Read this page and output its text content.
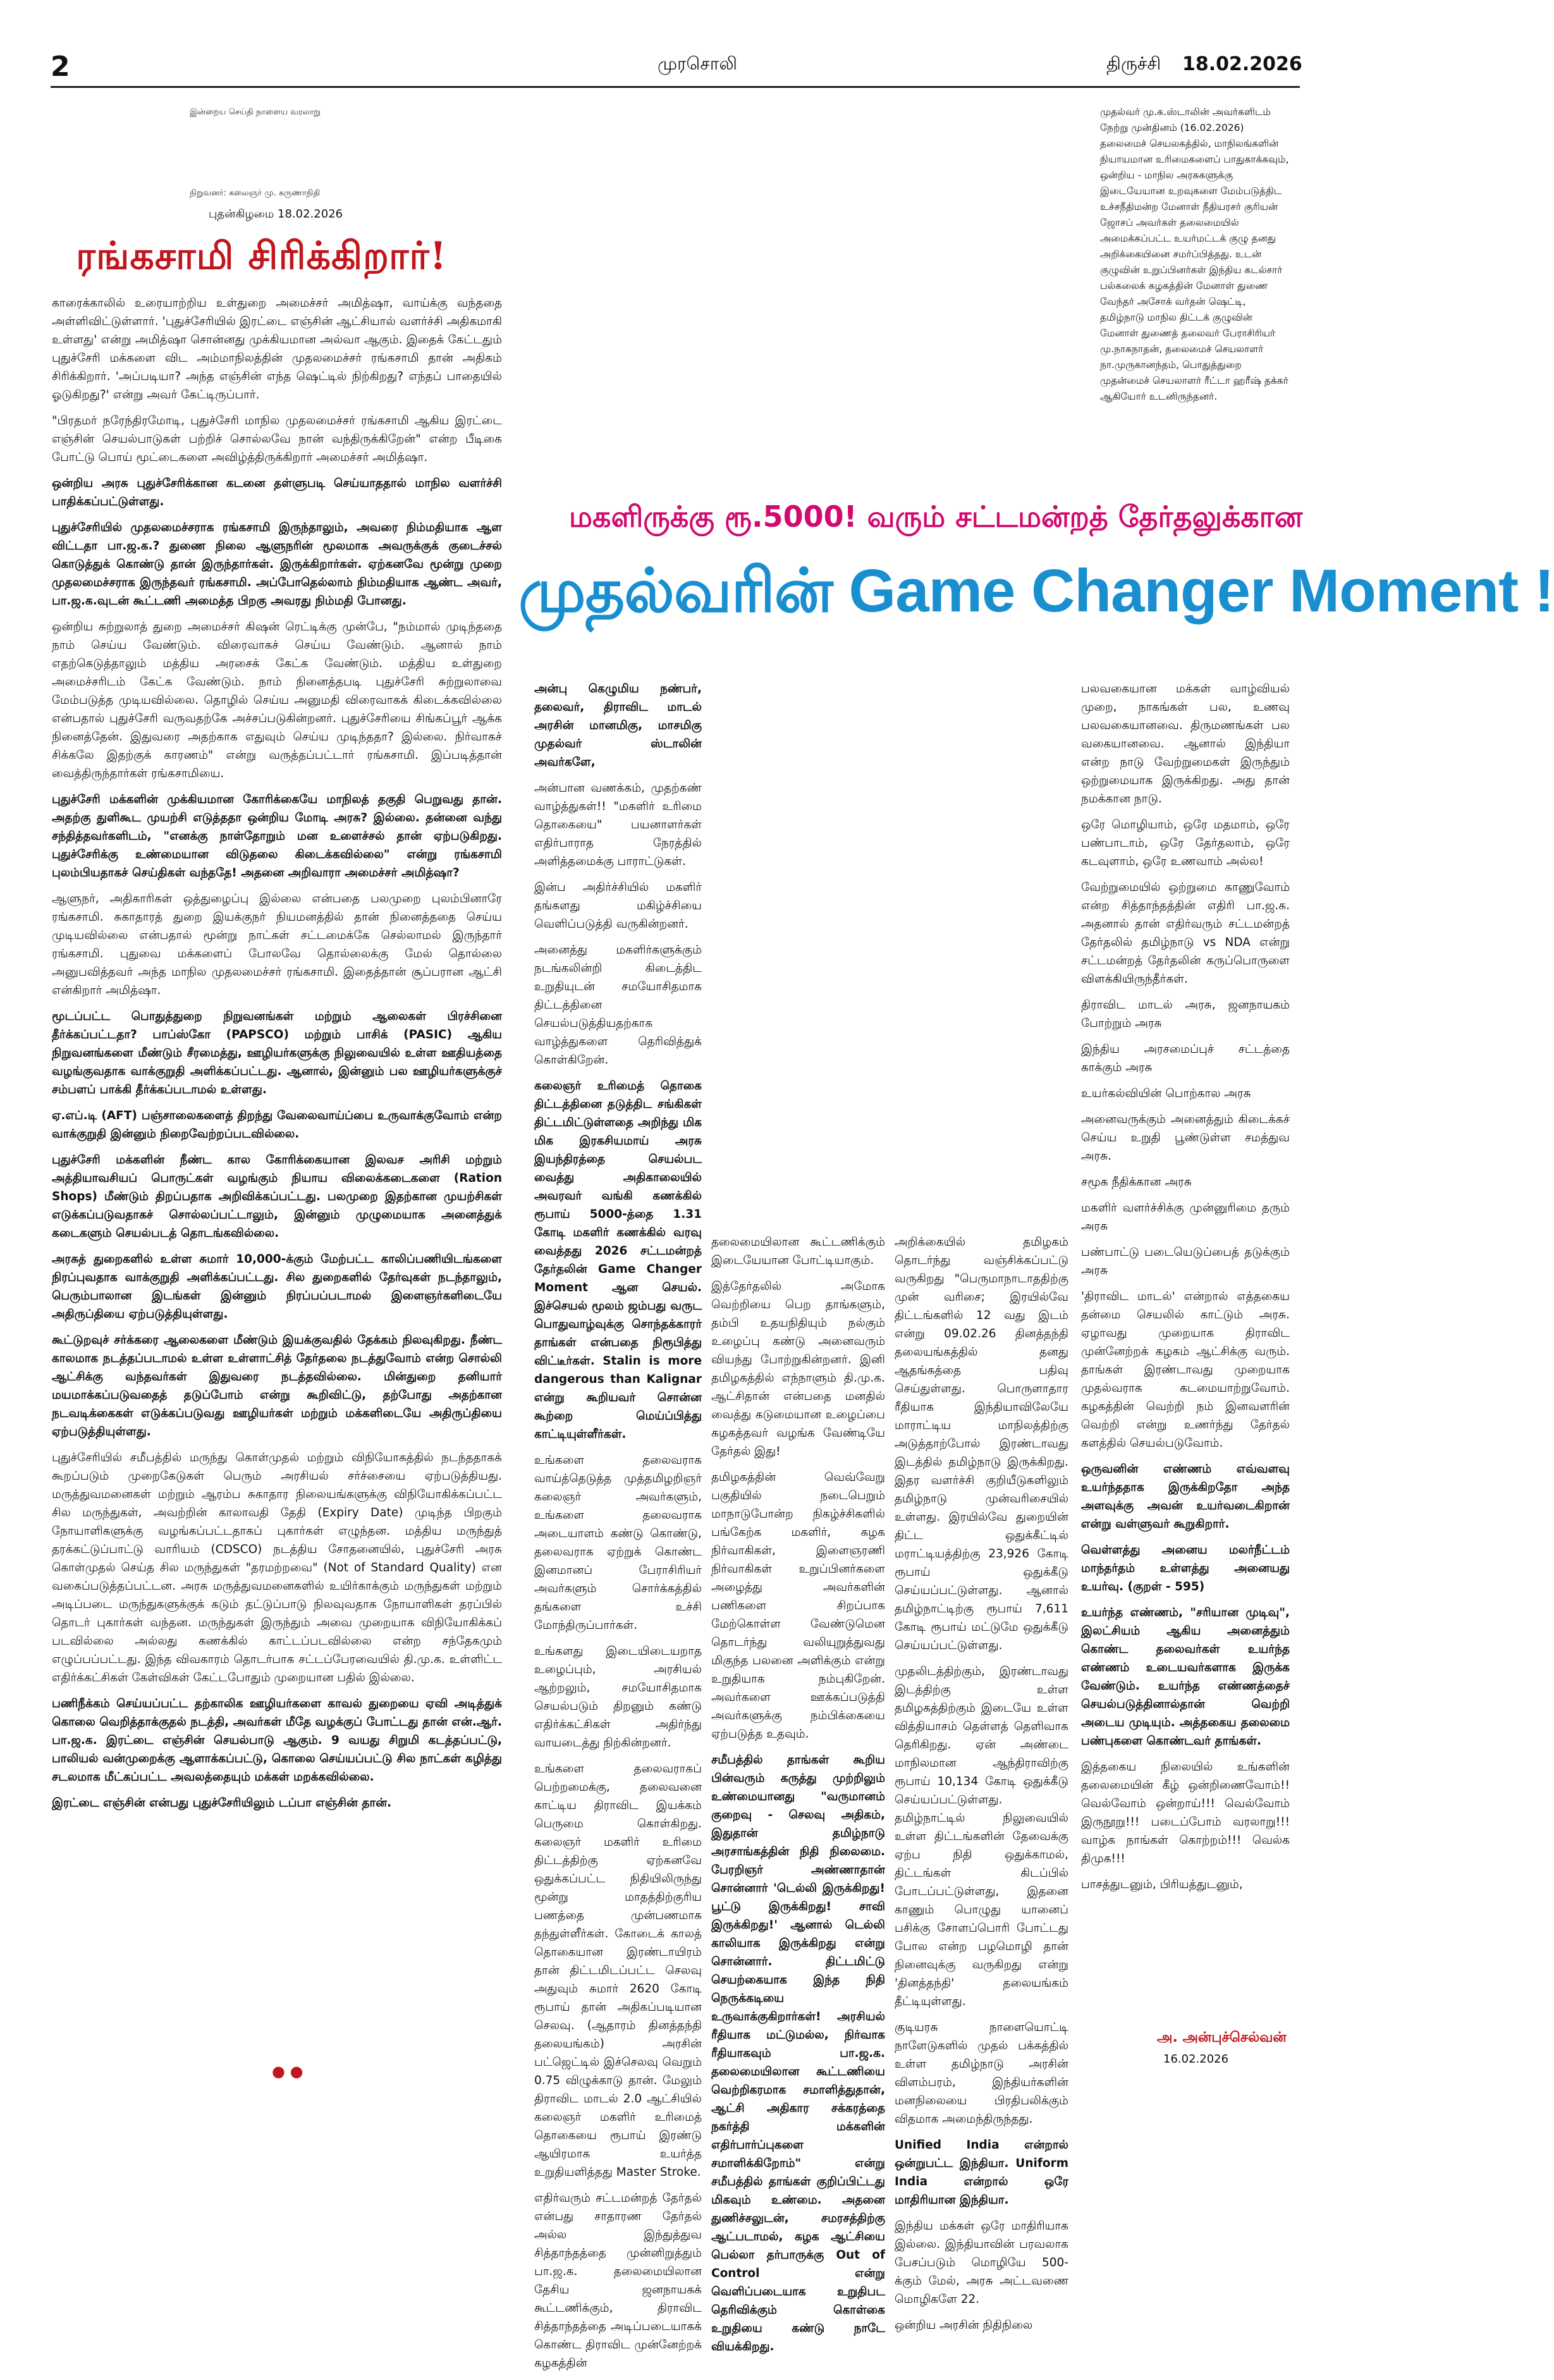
2	முரசொலி	திருச்சி 18.02.2026
இன்றைய செய்தி நாளைய வரலாறு
நிறுவனர்: கலைஞர் மு. கருணாநிதி
புதன்கிழமை 18.02.2026
ரங்கசாமி சிரிக்கிறார்!

காரைக்காலில் உரையாற்றிய உள்துறை அமைச்சர் அமித்ஷா, வாய்க்கு வந்ததை அள்ளிவிட்டுள்ளார். 'புதுச்சேரியில் இரட்டை எஞ்சின் ஆட்சியால் வளர்ச்சி அதிகமாகி உள்ளது' என்று அமித்ஷா சொன்னது முக்கியமான அல்வா ஆகும். இதைக் கேட்டதும் புதுச்சேரி மக்களை விட அம்மாநிலத்தின் முதலமைச்சர் ரங்கசாமி தான் அதிகம் சிரிக்கிறார். 'அப்படியா? அந்த எஞ்சின் எந்த ஷெட்டில் நிற்கிறது? எந்தப் பாதையில் ஓடுகிறது?' என்று அவர் கேட்டிருப்பார்.

"பிரதமர் நரேந்திரமோடி, புதுச்சேரி மாநில முதலமைச்சர் ரங்கசாமி ஆகிய இரட்டை எஞ்சின் செயல்பாடுகள் பற்றிச் சொல்லவே நான் வந்திருக்கிறேன்" என்ற பீடிகை போட்டு பொய் மூட்டைகளை அவிழ்த்திருக்கிறார் அமைச்சர் அமித்ஷா.

ஒன்றிய அரசு புதுச்சேரிக்கான கடனை தள்ளுபடி செய்யாததால் மாநில வளர்ச்சி பாதிக்கப்பட்டுள்ளது.

புதுச்சேரியில் முதலமைச்சராக ரங்கசாமி இருந்தாலும், அவரை நிம்மதியாக ஆள விட்டதா பா.ஜ.க.? துணை நிலை ஆளுநரின் மூலமாக அவருக்குக் குடைச்சல் கொடுத்துக் கொண்டு தான் இருந்தார்கள். இருக்கிறார்கள். ஏற்கனவே மூன்று முறை முதலமைச்சராக இருந்தவர் ரங்கசாமி. அப்போதெல்லாம் நிம்மதியாக ஆண்ட அவர், பா.ஜ.க.வுடன் கூட்டணி அமைத்த பிறகு அவரது நிம்மதி போனது.

ஒன்றிய சுற்றுலாத் துறை அமைச்சர் கிஷன் ரெட்டிக்கு முன்பே, "நம்மால் முடிந்ததை நாம் செய்ய வேண்டும். விரைவாகச் செய்ய வேண்டும். ஆனால் நாம் எதற்கெடுத்தாலும் மத்திய அரசைக் கேட்க வேண்டும். மத்திய உள்துறை அமைச்சரிடம் கேட்க வேண்டும். நாம் நினைத்தபடி புதுச்சேரி சுற்றுலாவை மேம்படுத்த முடியவில்லை. தொழில் செய்ய அனுமதி விரைவாகக் கிடைக்கவில்லை என்பதால் புதுச்சேரி வருவதற்கே அச்சப்படுகின்றனர். புதுச்சேரியை சிங்கப்பூர் ஆக்க நினைத்தேன். இதுவரை அதற்காக எதுவும் செய்ய முடிந்ததா? இல்லை. நிர்வாகச் சிக்கலே இதற்குக் காரணம்" என்று வருத்தப்பட்டார் ரங்கசாமி. இப்படித்தான் வைத்திருந்தார்கள் ரங்கசாமியை.

புதுச்சேரி மக்களின் முக்கியமான கோரிக்கையே மாநிலத் தகுதி பெறுவது தான். அதற்கு துளிகூட முயற்சி எடுத்ததா ஒன்றிய மோடி அரசு? இல்லை. தன்னை வந்து சந்தித்தவர்களிடம், "எனக்கு நாள்தோறும் மன உளைச்சல் தான் ஏற்படுகிறது. புதுச்சேரிக்கு உண்மையான விடுதலை கிடைக்கவில்லை" என்று ரங்கசாமி புலம்பியதாகச் செய்திகள் வந்ததே! அதனை அறிவாரா அமைச்சர் அமித்ஷா?

ஆளுநர், அதிகாரிகள் ஒத்துழைப்பு இல்லை என்பதை பலமுறை புலம்பினாரே ரங்கசாமி. சுகாதாரத் துறை இயக்குநர் நியமனத்தில் தான் நினைத்ததை செய்ய முடியவில்லை என்பதால் மூன்று நாட்கள் சட்டமைக்கே செல்லாமல் இருந்தார் ரங்கசாமி. புதுவை மக்களைப் போலவே தொல்லைக்கு மேல் தொல்லை அனுபவித்தவர் அந்த மாநில முதலமைச்சர் ரங்கசாமி. இதைத்தான் சூப்பரான ஆட்சி என்கிறார் அமித்ஷா.

மூடப்பட்ட பொதுத்துறை நிறுவனங்கள் மற்றும் ஆலைகள் பிரச்சினை தீர்க்கப்பட்டதா? பாப்ஸ்கோ (PAPSCO) மற்றும் பாசிக் (PASIC) ஆகிய நிறுவனங்களை மீண்டும் சீரமைத்து, ஊழியர்களுக்கு நிலுவையில் உள்ள ஊதியத்தை வழங்குவதாக வாக்குறுதி அளிக்கப்பட்டது. ஆனால், இன்னும் பல ஊழியர்களுக்குச் சம்பளப் பாக்கி தீர்க்கப்படாமல் உள்ளது.

ஏ.எப்.டி (AFT) பஞ்சாலைகளைத் திறந்து வேலைவாய்ப்பை உருவாக்குவோம் என்ற வாக்குறுதி இன்னும் நிறைவேற்றப்படவில்லை.

புதுச்சேரி மக்களின் நீண்ட கால கோரிக்கையான இலவச அரிசி மற்றும் அத்தியாவசியப் பொருட்கள் வழங்கும் நியாய விலைக்கடைகளை (Ration Shops) மீண்டும் திறப்பதாக அறிவிக்கப்பட்டது. பலமுறை இதற்கான முயற்சிகள் எடுக்கப்படுவதாகச் சொல்லப்பட்டாலும், இன்னும் முழுமையாக அனைத்துக் கடைகளும் செயல்படத் தொடங்கவில்லை.

அரசுத் துறைகளில் உள்ள சுமார் 10,000-க்கும் மேற்பட்ட காலிப்பணியிடங்களை நிரப்புவதாக வாக்குறுதி அளிக்கப்பட்டது. சில துறைகளில் தேர்வுகள் நடந்தாலும், பெரும்பாலான இடங்கள் இன்னும் நிரப்பப்படாமல் இளைஞர்களிடையே அதிருப்தியை ஏற்படுத்தியுள்ளது.

கூட்டுறவுச் சர்க்கரை ஆலைகளை மீண்டும் இயக்குவதில் தேக்கம் நிலவுகிறது. நீண்ட காலமாக நடத்தப்படாமல் உள்ள உள்ளாட்சித் தேர்தலை நடத்துவோம் என்ற சொல்லி ஆட்சிக்கு வந்தவர்கள் இதுவரை நடத்தவில்லை. மின்துறை தனியார் மயமாக்கப்படுவதைத் தடுப்போம் என்று கூறிவிட்டு, தற்போது அதற்கான நடவடிக்கைகள் எடுக்கப்படுவது ஊழியர்கள் மற்றும் மக்களிடையே அதிருப்தியை ஏற்படுத்தியுள்ளது.

புதுச்சேரியில் சமீபத்தில் மருந்து கொள்முதல் மற்றும் விநியோகத்தில் நடந்ததாகக் கூறப்படும் முறைகேடுகள் பெரும் அரசியல் சர்ச்சையை ஏற்படுத்தியது. மருத்துவமனைகள் மற்றும் ஆரம்ப சுகாதார நிலையங்களுக்கு விநியோகிக்கப்பட்ட சில மருந்துகள், அவற்றின் காலாவதி தேதி (Expiry Date) முடிந்த பிறகும் நோயாளிகளுக்கு வழங்கப்பட்டதாகப் புகார்கள் எழுந்தன. மத்திய மருந்துத் தரக்கட்டுப்பாட்டு வாரியம் (CDSCO) நடத்திய சோதனையில், புதுச்சேரி அரசு கொள்முதல் செய்த சில மருந்துகள் "தரமற்றவை" (Not of Standard Quality) என வகைப்படுத்தப்பட்டன. அரசு மருத்துவமனைகளில் உயிர்காக்கும் மருந்துகள் மற்றும் அடிப்படை மருந்துகளுக்குக் கடும் தட்டுப்பாடு நிலவுவதாக நோயாளிகள் தரப்பில் தொடர் புகார்கள் வந்தன. மருந்துகள் இருந்தும் அவை முறையாக விநியோகிக்கப் படவில்லை அல்லது கணக்கில் காட்டப்படவில்லை என்ற சந்தேகமும் எழுப்பப்பட்டது. இந்த விவகாரம் தொடர்பாக சட்டப்பேரவையில் தி.மு.க. உள்ளிட்ட எதிர்க்கட்சிகள் கேள்விகள் கேட்டபோதும் முறையான பதில் இல்லை.

பணிநீக்கம் செய்யப்பட்ட தற்காலிக ஊழியர்களை காவல் துறையை ஏவி அடித்துக் கொலை வெறித்தாக்குதல் நடத்தி, அவர்கள் மீதே வழக்குப் போட்டது தான் என்.ஆர். பா.ஜ.க. இரட்டை எஞ்சின் செயல்பாடு ஆகும். 9 வயது சிறுமி கடத்தப்பட்டு, பாலியல் வன்முறைக்கு ஆளாக்கப்பட்டு, கொலை செய்யப்பட்டு சில நாட்கள் கழித்து சடலமாக மீட்கப்பட்ட அவலத்தையும் மக்கள் மறக்கவில்லை.

இரட்டை எஞ்சின் என்பது புதுச்சேரியிலும் டப்பா எஞ்சின் தான்.

● ●
முதல்வர் மு.க.ஸ்டாலின் அவர்களிடம் நேற்று முன்தினம் (16.02.2026) தலைமைச் செயலகத்தில், மாநிலங்களின் நியாயமான உரிமைகளைப் பாதுகாக்கவும், ஒன்றிய - மாநில அரசுகளுக்கு இடையேயான உறவுகளை மேம்படுத்திட உச்சநீதிமன்ற மேனாள் நீதியரசர் குரியன் ஜோசப் அவர்கள் தலைமையில் அமைக்கப்பட்ட உயர்மட்டக் குழு தனது அறிக்கையினை சமர்ப்பித்தது. உடன் குழுவின் உறுப்பினர்கள் இந்திய கடல்சார் பல்கலைக் கழகத்தின் மேனாள் துணை வேந்தர் அசோக் வர்தன் ஷெட்டி, தமிழ்நாடு மாநில திட்டக் குழுவின் மேனாள் துணைத் தலைவர் பேராசிரியர் மு.நாகநாதன், தலைமைச் செயலாளர் நா.முருகானந்தம், பொதுத்துறை முதன்மைச் செயலாளர் ரீட்டா ஹரீஷ் தக்கர் ஆகியோர் உடனிருந்தனர்.
மகளிருக்கு ரூ.5000! வரும் சட்டமன்றத் தேர்தலுக்கான
முதல்வரின் Game Changer Moment !

அன்பு கெழுமிய நண்பர், தலைவர், திராவிட மாடல் அரசின் மானமிகு, மாசமிகு முதல்வர் ஸ்டாலின் அவர்களே,

அன்பான வணக்கம், முதற்கண் வாழ்த்துகள்!! "மகளிர் உரிமை தொகையை" பயனாளர்கள் எதிர்பாராத நேரத்தில் அளித்தமைக்கு பாராட்டுகள்.

இன்ப அதிர்ச்சியில் மகளிர் தங்களது மகிழ்ச்சியை வெளிப்படுத்தி வருகின்றனர்.

அனைத்து மகளிர்களுக்கும் நடங்கலின்றி கிடைத்திட உறுதியுடன் சமயோசிதமாக திட்டத்தினை செயல்படுத்தியதற்காக வாழ்த்துகளை தெரிவித்துக் கொள்கிறேன்.

கலைஞர் உரிமைத் தொகை திட்டத்தினை தடுத்திட சங்கிகள் திட்டமிட்டுள்ளதை அறிந்து மிக மிக இரகசியமாய் அரசு இயந்திரத்தை செயல்பட வைத்து அதிகாலையில் அவரவர் வங்கி கணக்கில் ரூபாய் 5000-த்தை 1.31 கோடி மகளிர் கணக்கில் வரவு வைத்தது 2026 சட்டமன்றத் தேர்தலின் Game Changer Moment ஆன செயல். இச்செயல் மூலம் ஜம்பது வருட பொதுவாழ்வுக்கு சொந்தக்காரர் தாங்கள் என்பதை நிரூபித்து விட்டீர்கள். Stalin is more dangerous than Kalignar என்று கூறியவர் சொன்ன கூற்றை மெய்ப்பித்து காட்டியுள்ளீர்கள்.

உங்களை தலைவராக வாய்த்தெடுத்த முத்தமிழறிஞர் கலைஞர் அவர்களும், உங்களை தலைவராக அடையாளம் கண்டு கொண்டு, தலைவராக ஏற்றுக் கொண்ட இனமானப் பேராசிரியர் அவர்களும் சொர்க்கத்தில் தங்களை உச்சி மோந்திருப்பார்கள்.

உங்களது இடையிடையறாத உழைப்பும், அரசியல் ஆற்றலும், சமயோசிதமாக செயல்படும் திறனும் கண்டு எதிர்க்கட்சிகள் அதிர்ந்து வாயடைத்து நிற்கின்றனர்.

உங்களை தலைவராகப் பெற்றமைக்கு, தலைவனை காட்டிய திராவிட இயக்கம் பெருமை கொள்கிறது. கலைஞர் மகளிர் உரிமை திட்டத்திற்கு ஏற்கனவே ஒதுக்கப்பட்ட நிதியிலிருந்து மூன்று மாதத்திற்குரிய பணத்தை முன்பணமாக தந்துள்ளீர்கள். கோடைக் காலத் தொகையான இரண்டாயிரம் தான் திட்டமிடப்பட்ட செலவு அதுவும் சுமார் 2620 கோடி ரூபாய் தான் அதிகப்படியான செலவு. (ஆதாரம் தினத்தந்தி தலையங்கம்) அரசின் பட்ஜெட்டில் இச்செலவு வெறும் 0.75 விழுக்காடு தான். மேலும் திராவிட மாடல் 2.0 ஆட்சியில் கலைஞர் மகளிர் உரிமைத் தொகையை ரூபாய் இரண்டு ஆயிரமாக உயர்த்த உறுதியளித்தது Master Stroke.

எதிர்வரும் சட்டமன்றத் தேர்தல் என்பது சாதாரண தேர்தல் அல்ல இந்துத்துவ சித்தாந்தத்தை முன்னிறுத்தும் பா.ஜ.க. தலைமையிலான தேசிய ஜனநாயகக் கூட்டணிக்கும், திராவிட சித்தாந்தத்தை அடிப்படையாகக் கொண்ட திராவிட முன்னேற்றக் கழகத்தின்

தலைமையிலான கூட்டணிக்கும் இடையேயான போட்டியாகும்.

இத்தேர்தலில் அமோக வெற்றியை பெற தாங்களும், தம்பி உதயநிதியும் நல்கும் உழைப்பு கண்டு அனைவரும் வியந்து போற்றுகின்றனர். இனி தமிழகத்தில் எந்நாளும் தி.மு.க. ஆட்சிதான் என்பதை மனதில் வைத்து கடுமையான உழைப்பை கழகத்தவர் வழங்க வேண்டியே தேர்தல் இது!

தமிழகத்தின் வெவ்வேறு பகுதியில் நடைபெறும் மாநாடுபோன்ற நிகழ்ச்சிகளில் பங்கேற்க மகளிர், கழக நிர்வாகிகள், இளைஞரணி நிர்வாகிகள் உறுப்பினர்களை அழைத்து அவர்களின் பணிகளை சிறப்பாக மேற்கொள்ள வேண்டுமென தொடர்ந்து வலியுறுத்துவது மிகுந்த பலனை அளிக்கும் என்று உறுதியாக நம்புகிறேன். அவர்களை ஊக்கப்படுத்தி அவர்களுக்கு நம்பிக்கையை ஏற்படுத்த உதவும்.

சமீபத்தில் தாங்கள் கூறிய பின்வரும் கருத்து முற்றிலும் உண்மையானது "வருமானம் குறைவு - செலவு அதிகம், இதுதான் தமிழ்நாடு அரசாங்கத்தின் நிதி நிலைமை. பேரறிஞர் அண்ணாதான் சொன்னார் 'டெல்லி இருக்கிறது! பூட்டு இருக்கிறது! சாவி இருக்கிறது!' ஆனால் டெல்லி காலியாக இருக்கிறது என்று சொன்னார். திட்டமிட்டு செயற்கையாக இந்த நிதி நெருக்கடியை உருவாக்குகிறார்கள்! அரசியல் ரீதியாக மட்டுமல்ல, நிர்வாக ரீதியாகவும் பா.ஜ.க. தலைமையிலான கூட்டணியை வெற்றிகரமாக சமாளித்துதான், ஆட்சி அதிகார சக்கரத்தை நகர்த்தி மக்களின் எதிர்பார்ப்புகளை சமாளிக்கிறோம்" என்று சமீபத்தில் தாங்கள் குறிப்பிட்டது மிகவும் உண்மை. அதனை துணிச்சலுடன், சமரசத்திற்கு ஆட்படாமல், கழக ஆட்சியை பெல்லா தர்பாருக்கு Out of Control என்று வெளிப்படையாக உறுதிபட தெரிவிக்கும் கொள்கை உறுதியை கண்டு நாடே வியக்கிறது.

அறிக்கையில் தமிழகம் தொடர்ந்து வஞ்சிக்கப்பட்டு வருகிறது "பெருமாநாடாததிற்கு முன் வரிசை; இரயில்வே திட்டங்களில் 12 வது இடம் என்று 09.02.26 தினத்தந்தி தலையங்கத்தில் தனது ஆதங்கத்தை பதிவு செய்துள்ளது. பொருளாதார ரீதியாக இந்தியாவிலேயே மாராட்டிய மாநிலத்திற்கு அடுத்தாற்போல் இரண்டாவது இடத்தில் தமிழ்நாடு இருக்கிறது. இதர வளர்ச்சி குறியீடுகளிலும் தமிழ்நாடு முன்வரிசையில் உள்ளது. இரயில்வே துறையின் திட்ட ஒதுக்கீட்டில் மராட்டியத்திற்கு 23,926 கோடி ரூபாய் ஒதுக்கீடு செய்யப்பட்டுள்ளது. ஆனால் தமிழ்நாட்டிற்கு ரூபாய் 7,611 கோடி ரூபாய் மட்டுமே ஒதுக்கீடு செய்யப்பட்டுள்ளது.

முதலிடத்திற்கும், இரண்டாவது இடத்திற்கு உள்ள தமிழகத்திற்கும் இடையே உள்ள வித்தியாசம் தெள்ளத் தெளிவாக தெரிகிறது. ஏன் அண்டை மாநிலமான ஆந்திராவிற்கு ரூபாய் 10,134 கோடி ஒதுக்கீடு செய்யப்பட்டுள்ளது. தமிழ்நாட்டில் நிலுவையில் உள்ள திட்டங்களின் தேவைக்கு ஏற்ப நிதி ஒதுக்காமல், திட்டங்கள் கிடப்பில் போடப்பட்டுள்ளது, இதனை காணும் பொழுது யானைப் பசிக்கு சோளப்பொரி போட்டது போல என்ற பழமொழி தான் நினைவுக்கு வருகிறது என்று 'தினத்தந்தி' தலையங்கம் தீட்டியுள்ளது.

குடியரசு நாளையொட்டி நாளேடுகளில் முதல் பக்கத்தில் உள்ள தமிழ்நாடு அரசின் விளம்பரம், இந்தியர்களின் மனநிலையை பிரதிபலிக்கும் விதமாக அமைந்திருந்தது.

Unified India என்றால் ஒன்றுபட்ட இந்தியா. Uniform India என்றால் ஒரே மாதிரியான இந்தியா.

இந்திய மக்கள் ஒரே மாதிரியாக இல்லை. இந்தியாவின் பரவலாக பேசப்படும் மொழியே 500-க்கும் மேல், அரசு அட்டவணை மொழிகளே 22.

ஒன்றிய அரசின் நிதிநிலை

பலவகையான மக்கள் வாழ்வியல் முறை, நாகங்கள் பல, உணவு பலவகையானவை. திருமணங்கள் பல வகையானவை. ஆனால் இந்தியா என்ற நாடு வேற்றுமைகள் இருந்தும் ஒற்றுமையாக இருக்கிறது. அது தான் நமக்கான நாடு.

ஒரே மொழியாம், ஒரே மதமாம், ஒரே பண்பாடாம், ஒரே தேர்தலாம், ஒரே கடவுளாம், ஒரே உணவாம் அல்ல!

வேற்றுமையில் ஒற்றுமை காணுவோம் என்ற சித்தாந்தத்தின் எதிரி பா.ஜ.க. அதனால் தான் எதிர்வரும் சட்டமன்றத் தேர்தலில் தமிழ்நாடு vs NDA என்று சட்டமன்றத் தேர்தலின் கருப்பொருளை விளக்கியிருந்தீர்கள்.

திராவிட மாடல் அரசு, ஜனநாயகம் போற்றும் அரசு

இந்திய அரசமைப்புச் சட்டத்தை காக்கும் அரசு

உயர்கல்வியின் பொற்கால அரசு

அனைவருக்கும் அனைத்தும் கிடைக்கச் செய்ய உறுதி பூண்டுள்ள சமத்துவ அரசு.

சமூக நீதிக்கான அரசு

மகளிர் வளர்ச்சிக்கு முன்னுரிமை தரும் அரசு

பண்பாட்டு படையெடுப்பைத் தடுக்கும் அரசு

'திராவிட மாடல்' என்றால் எத்தகைய தன்மை செயலில் காட்டும் அரசு. ஏழாவது முறையாக திராவிட முன்னேற்றக் கழகம் ஆட்சிக்கு வரும். தாங்கள் இரண்டாவது முறையாக முதல்வராக கடமையாற்றுவோம். கழகத்தின் வெற்றி நம் இனவளரின் வெற்றி என்று உணர்ந்து தேர்தல் களத்தில் செயல்படுவோம்.

ஒருவனின் எண்ணம் எவ்வளவு உயர்ந்ததாக இருக்கிறதோ அந்த அளவுக்கு அவன் உயர்வடைகிறான் என்று வள்ளுவர் கூறுகிறார்.

வெள்ளத்து அனைய மலர்நீட்டம் மாந்தர்தம் உள்ளத்து அனையது உயர்வு. (குறள் - 595)

உயர்ந்த எண்ணம், "சரியான முடிவு", இலட்சியம் ஆகிய அனைத்தும் கொண்ட தலைவர்கள் உயர்ந்த எண்ணம் உடையவர்களாக இருக்க வேண்டும். உயர்ந்த எண்ணத்தைச் செயல்படுத்தினால்தான் வெற்றி அடைய முடியும். அத்தகைய தலைமை பண்புகளை கொண்டவர் தாங்கள்.

இத்தகைய நிலையில் உங்களின் தலைமையின் கீழ் ஒன்றிணைவோம்!! வெல்வோம் ஒன்றாய்!!! வெல்வோம் இருநூறு!!! படைப்போம் வரலாறு!!! வாழ்க நாங்கள் கொற்றம்!!! வெல்க திமுக!!!

பாசத்துடனும், பிரியத்துடனும்,

அ. அன்புச்செல்வன்
16.02.2026
